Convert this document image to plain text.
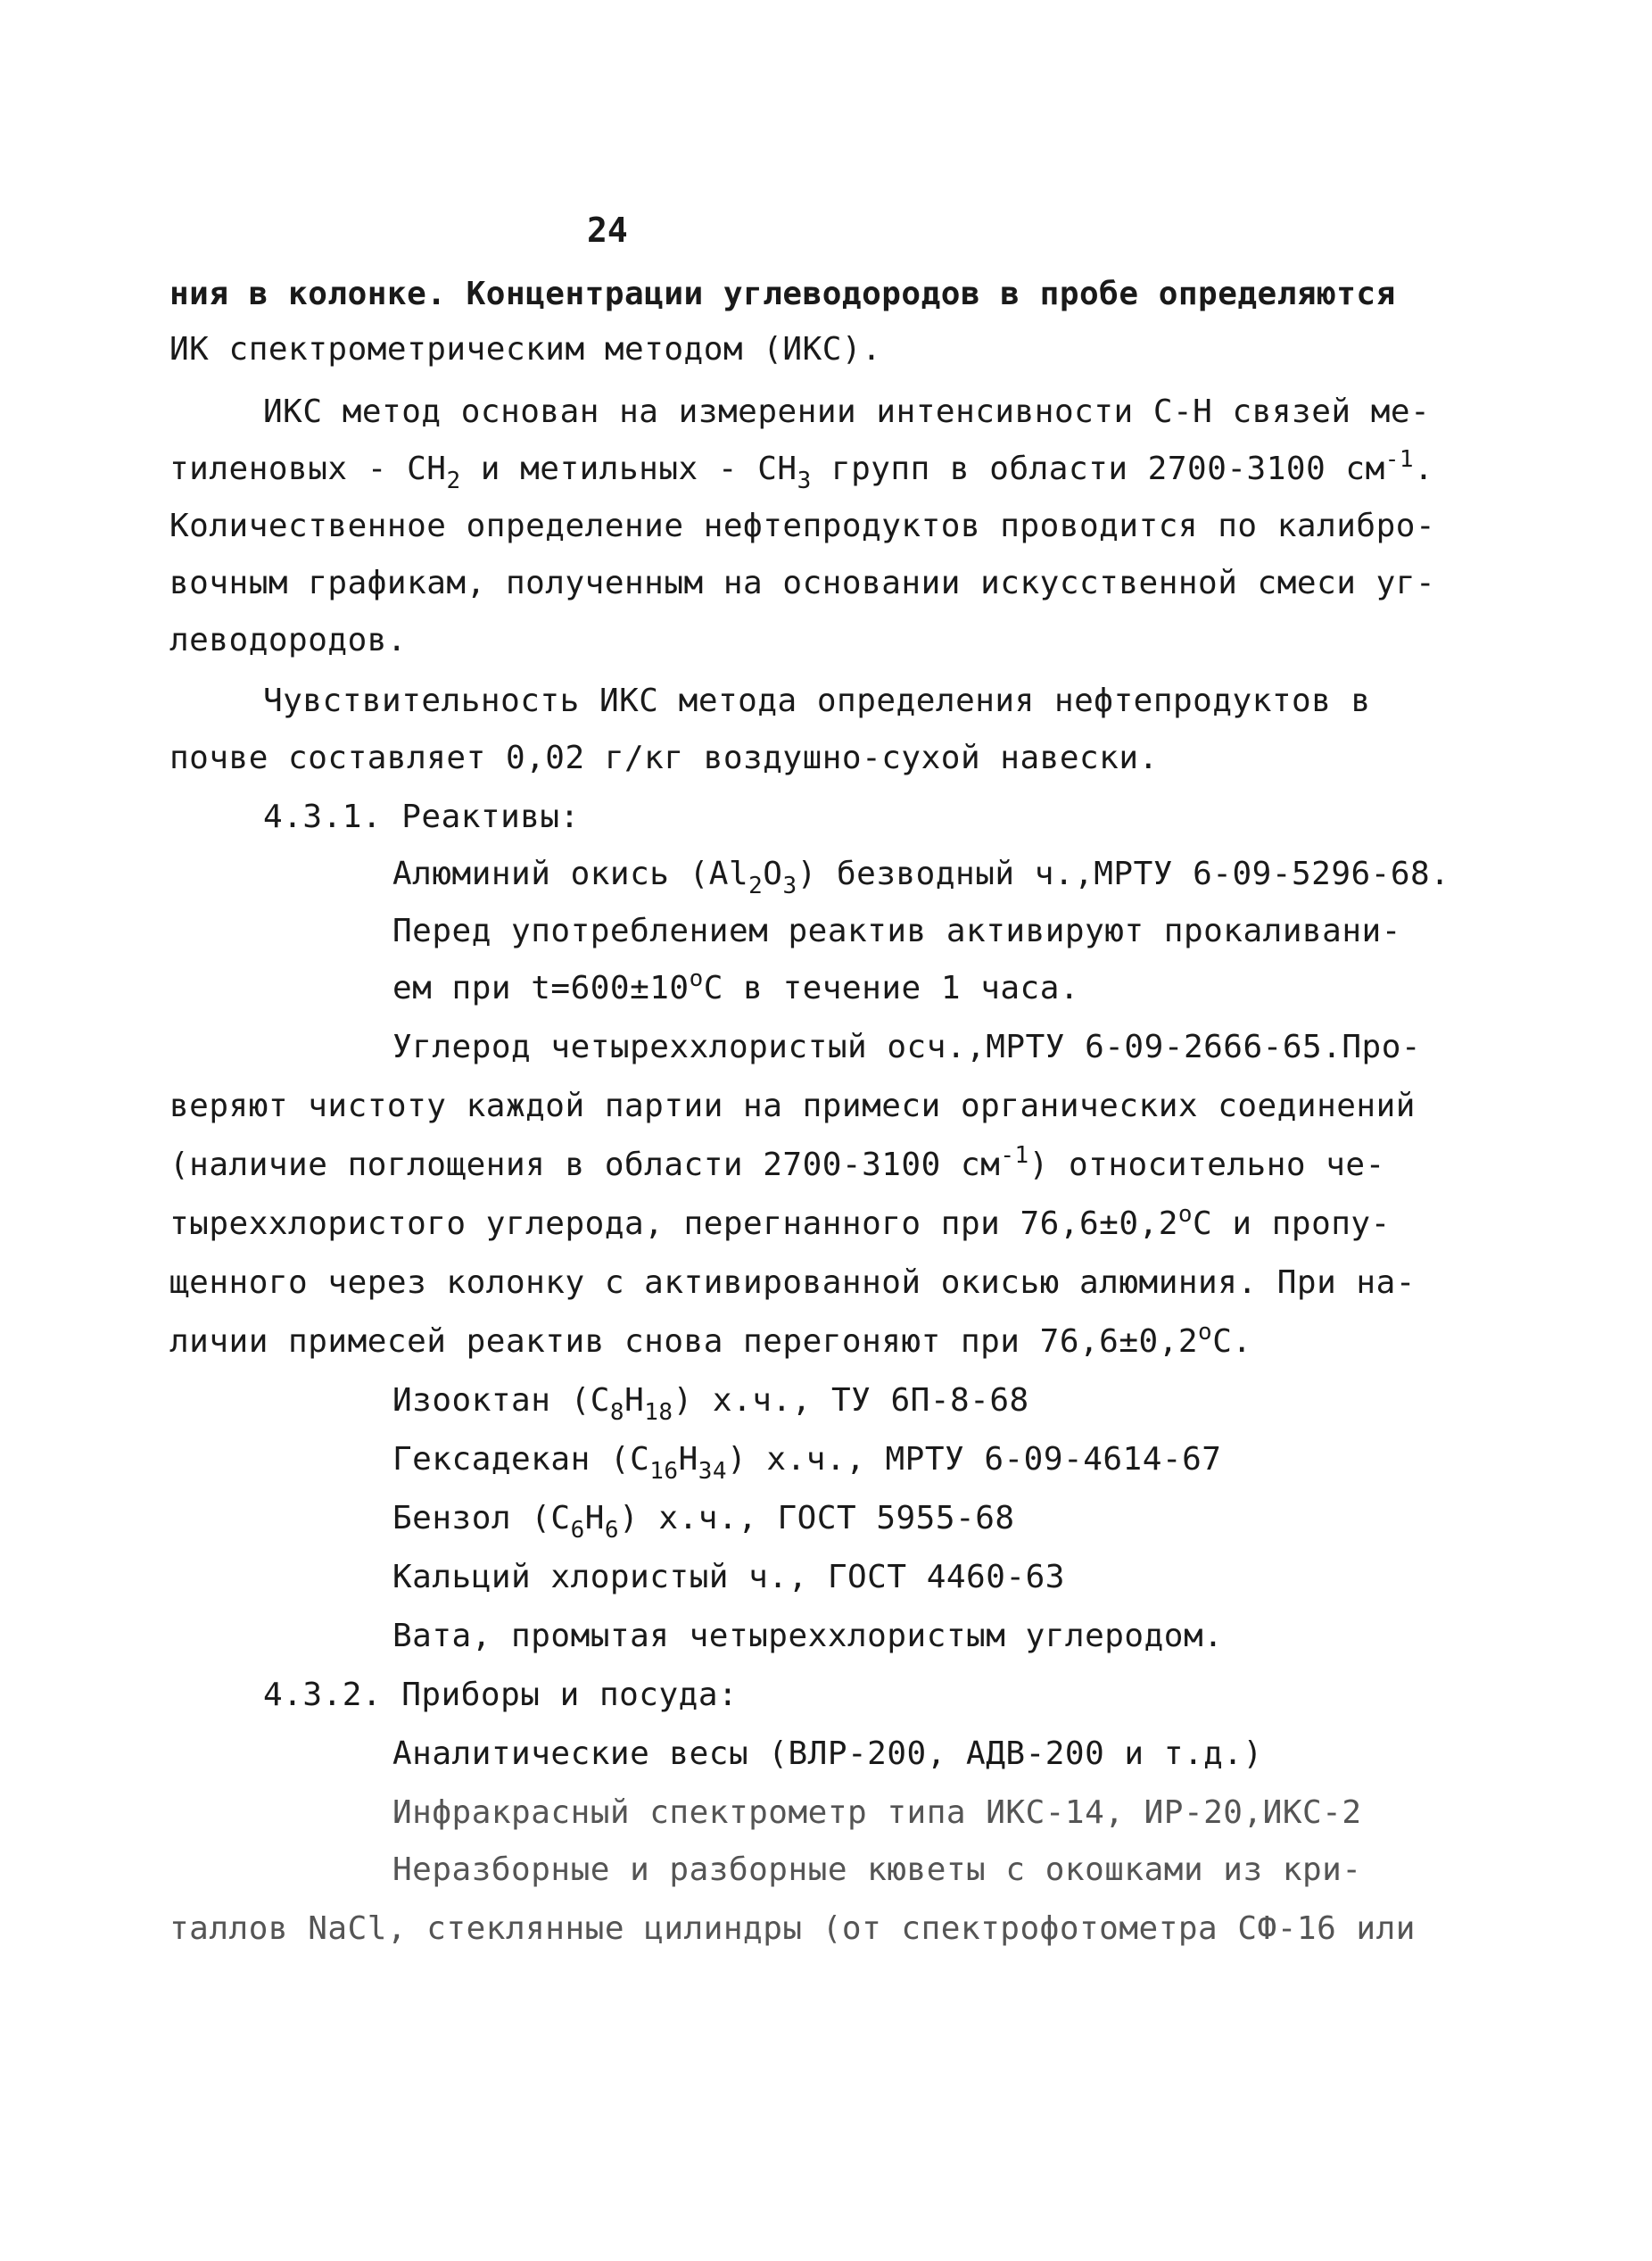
24
ния в колонке. Концентрации углеводородов в пробе определяются
ИК спектрометрическим методом (ИКС).
ИКС метод основан на измерении интенсивности С-Н связей ме-
тиленовых - $CH_2$ и метильных - $CH_3$ групп в области 2700-3100 $см^{-1}$.
Количественное определение нефтепродуктов проводится по калибро-
вочным графикам, полученным на основании искусственной смеси уг-
леводородов.
Чувствительность ИКС метода определения нефтепродуктов в
почве составляет 0,02 г/кг воздушно-сухой навески.
4.3.1. Реактивы:
Алюминий окись $(Al_2O_3)$ безводный ч.,МРТУ 6-09-5296-68.
Перед употреблением реактив активируют прокаливани-
ем при $t=600\pm 10^oС$ в течение 1 часа.
Углерод четыреххлористый осч.,МРТУ 6-09-2666-65.Про-
веряют чистоту каждой партии на примеси органических соединений
(наличие поглощения в области 2700-3100 $см^{-1}$) относительно че-
тыреххлористого углерода, перегнанного при $76,6\pm 0,2^oС$ и пропу-
щенного через колонку с активированной окисью алюминия. При на-
личии примесей реактив снова перегоняют при $76,6\pm 0,2^oС$.
Изооктан $(C_8H_{18})$ х.ч., ТУ 6П-8-68
Гексадекан $(C_{16}H_{34})$ х.ч., МРТУ 6-09-4614-67
Бензол $(C_6H_6)$ х.ч., ГОСТ 5955-68
Кальций хлористый ч., ГОСТ 4460-63
Вата, промытая четыреххлористым углеродом.
4.3.2. Приборы и посуда:
Аналитические весы (ВЛР-200, АДВ-200 и т.д.)
Инфракрасный спектрометр типа ИКС-14, ИР-20,ИКС-2
Неразборные и разборные кюветы с окошками из кри-
таллов NaCl, стеклянные цилиндры (от спектрофотометра СФ-16 или
